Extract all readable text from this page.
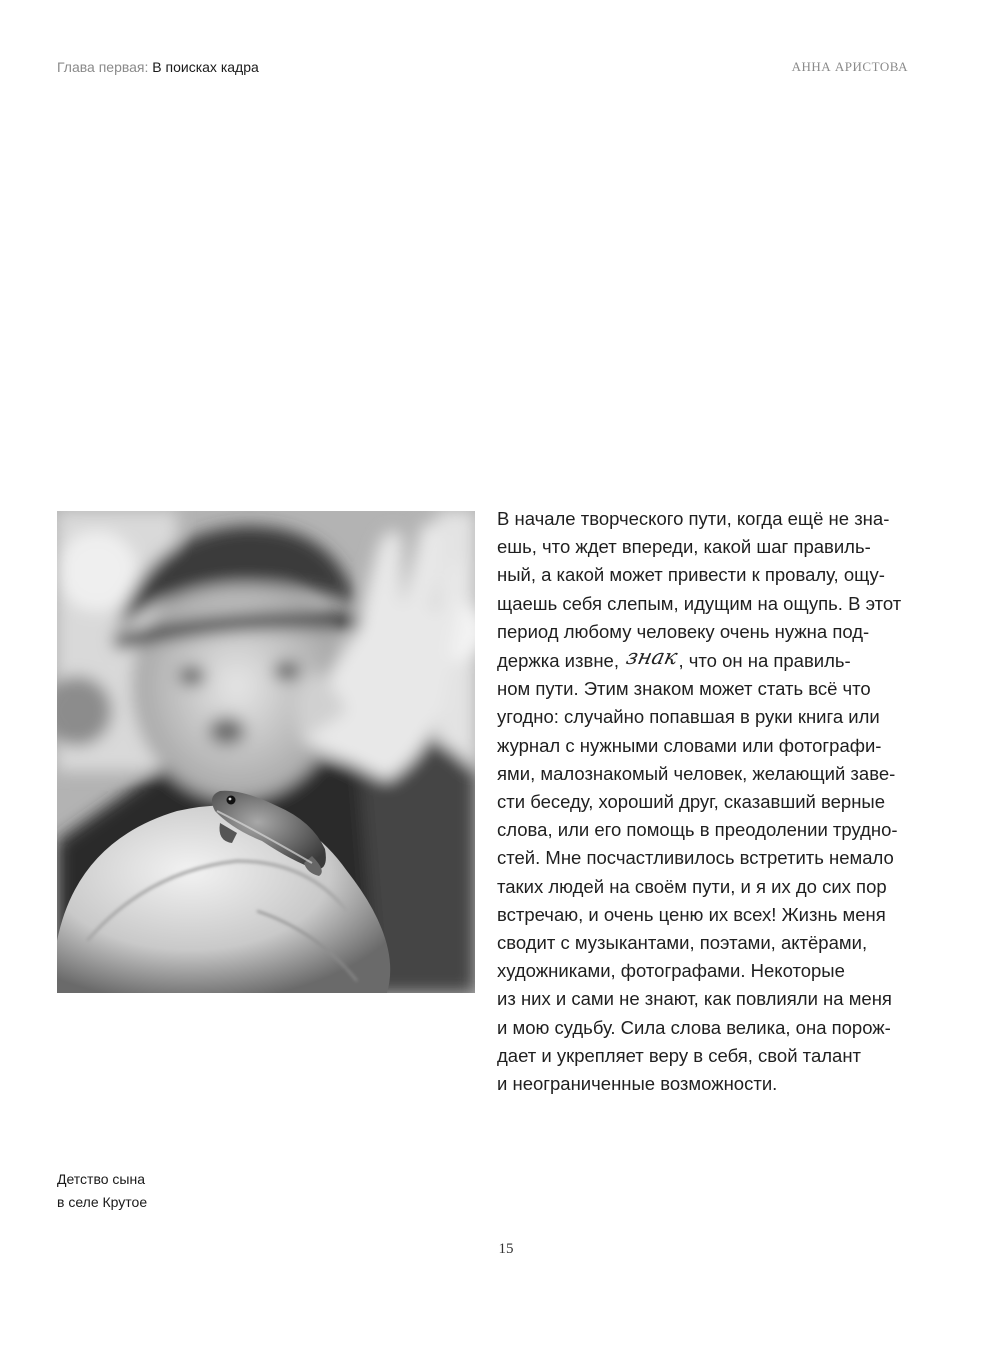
Глава первая: В поисках кадра	АННА АРИСТОВА
В начале творческого пути, когда ещё не зна-
ешь, что ждет впереди, какой шаг правиль-
ный, а какой может привести к провалу, ощу-
щаешь себя слепым, идущим на ощупь. В этот
период любому человеку очень нужна под-
держка извне, знак, что он на правиль-
ном пути. Этим знаком может стать всё что
угодно: случайно попавшая в руки книга или
журнал с нужными словами или фотографи-
ями, малознакомый человек, желающий заве-
сти беседу, хороший друг, сказавший верные
слова, или его помощь в преодолении трудно-
стей. Мне посчастливилось встретить немало
таких людей на своём пути, и я их до сих пор
встречаю, и очень ценю их всех! Жизнь меня
сводит с музыкантами, поэтами, актёрами,
художниками, фотографами. Некоторые
из них и сами не знают, как повлияли на меня
и мою судьбу. Сила слова велика, она порож-
дает и укрепляет веру в себя, свой талант
и неограниченные возможности.
Детство сына
в селе Крутое
15
